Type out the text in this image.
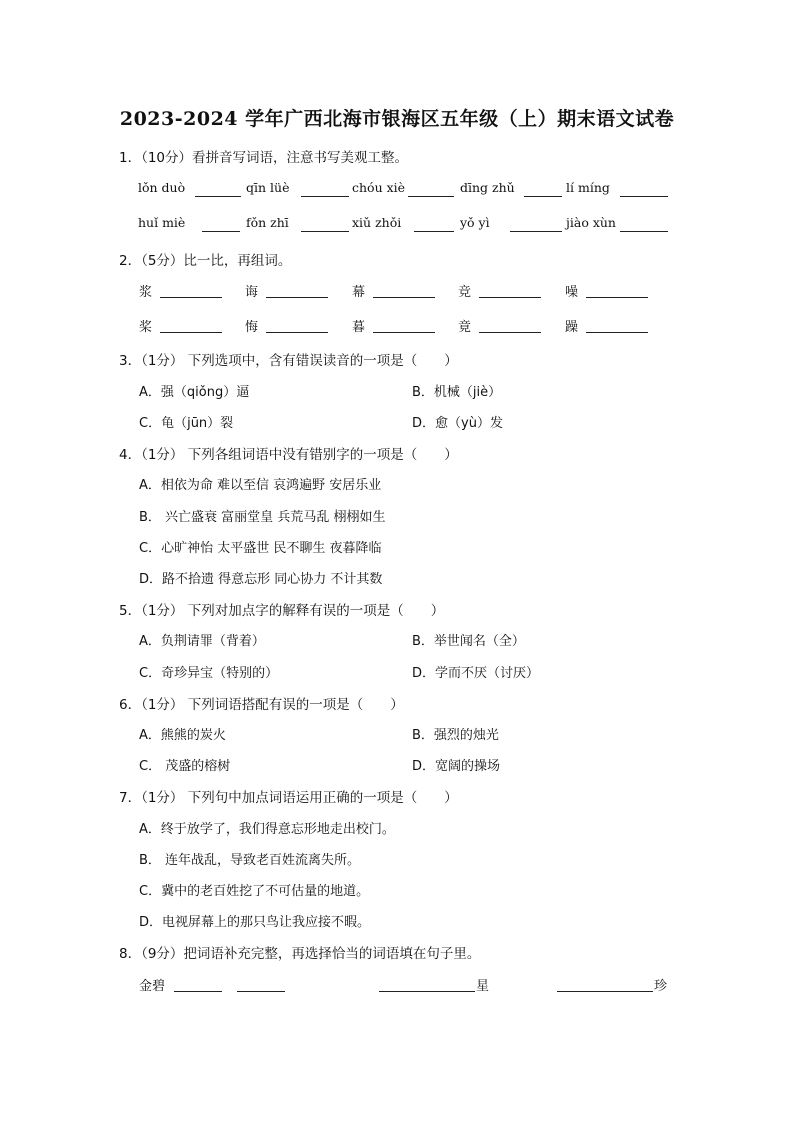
2023-2024 学年广西北海市银海区五年级（上）期末语文试卷
1．（10分）看拼音写词语，注意书写美观工整。
lǒn duò	qīn lüè	chóu xiè	dīng zhǔ	lí míng
huǐ miè	fǒn zhī	xiǔ zhǒi	yǒ yì	jiào xùn
2．（5分）比一比，再组词。
浆	诲	幕	竞	噪
桨	悔	暮	竟	躁
3．（1分） 下列选项中，含有错误读音的一项是（　　）
A．强（qiǒng）逼	B．机械（jiè）
C．龟（jūn）裂	D．愈（yù）发
4．（1分） 下列各组词语中没有错别字的一项是（　　）
A．相依为命 难以至信 哀鸿遍野 安居乐业
B． 兴亡盛衰 富丽堂皇 兵荒马乱 栩栩如生
C．心旷神怡 太平盛世 民不聊生 夜暮降临
D．路不拾遗 得意忘形 同心协力 不计其数
5．（1分） 下列对加点字的解释有误的一项是（　　）
A．负荆请罪（背着）	B．举世闻名（全）
C．奇珍异宝（特别的）	D．学而不厌（讨厌）
6．（1分） 下列词语搭配有误的一项是（　　）
A．熊熊的炭火	B．强烈的烛光
C． 茂盛的榕树	D．宽阔的操场
7．（1分） 下列句中加点词语运用正确的一项是（　　）
A．终于放学了，我们得意忘形地走出校门。
B． 连年战乱，导致老百姓流离失所。
C．冀中的老百姓挖了不可估量的地道。
D．电视屏幕上的那只鸟让我应接不暇。
8．（9分）把词语补充完整，再选择恰当的词语填在句子里。
金碧	星	珍
